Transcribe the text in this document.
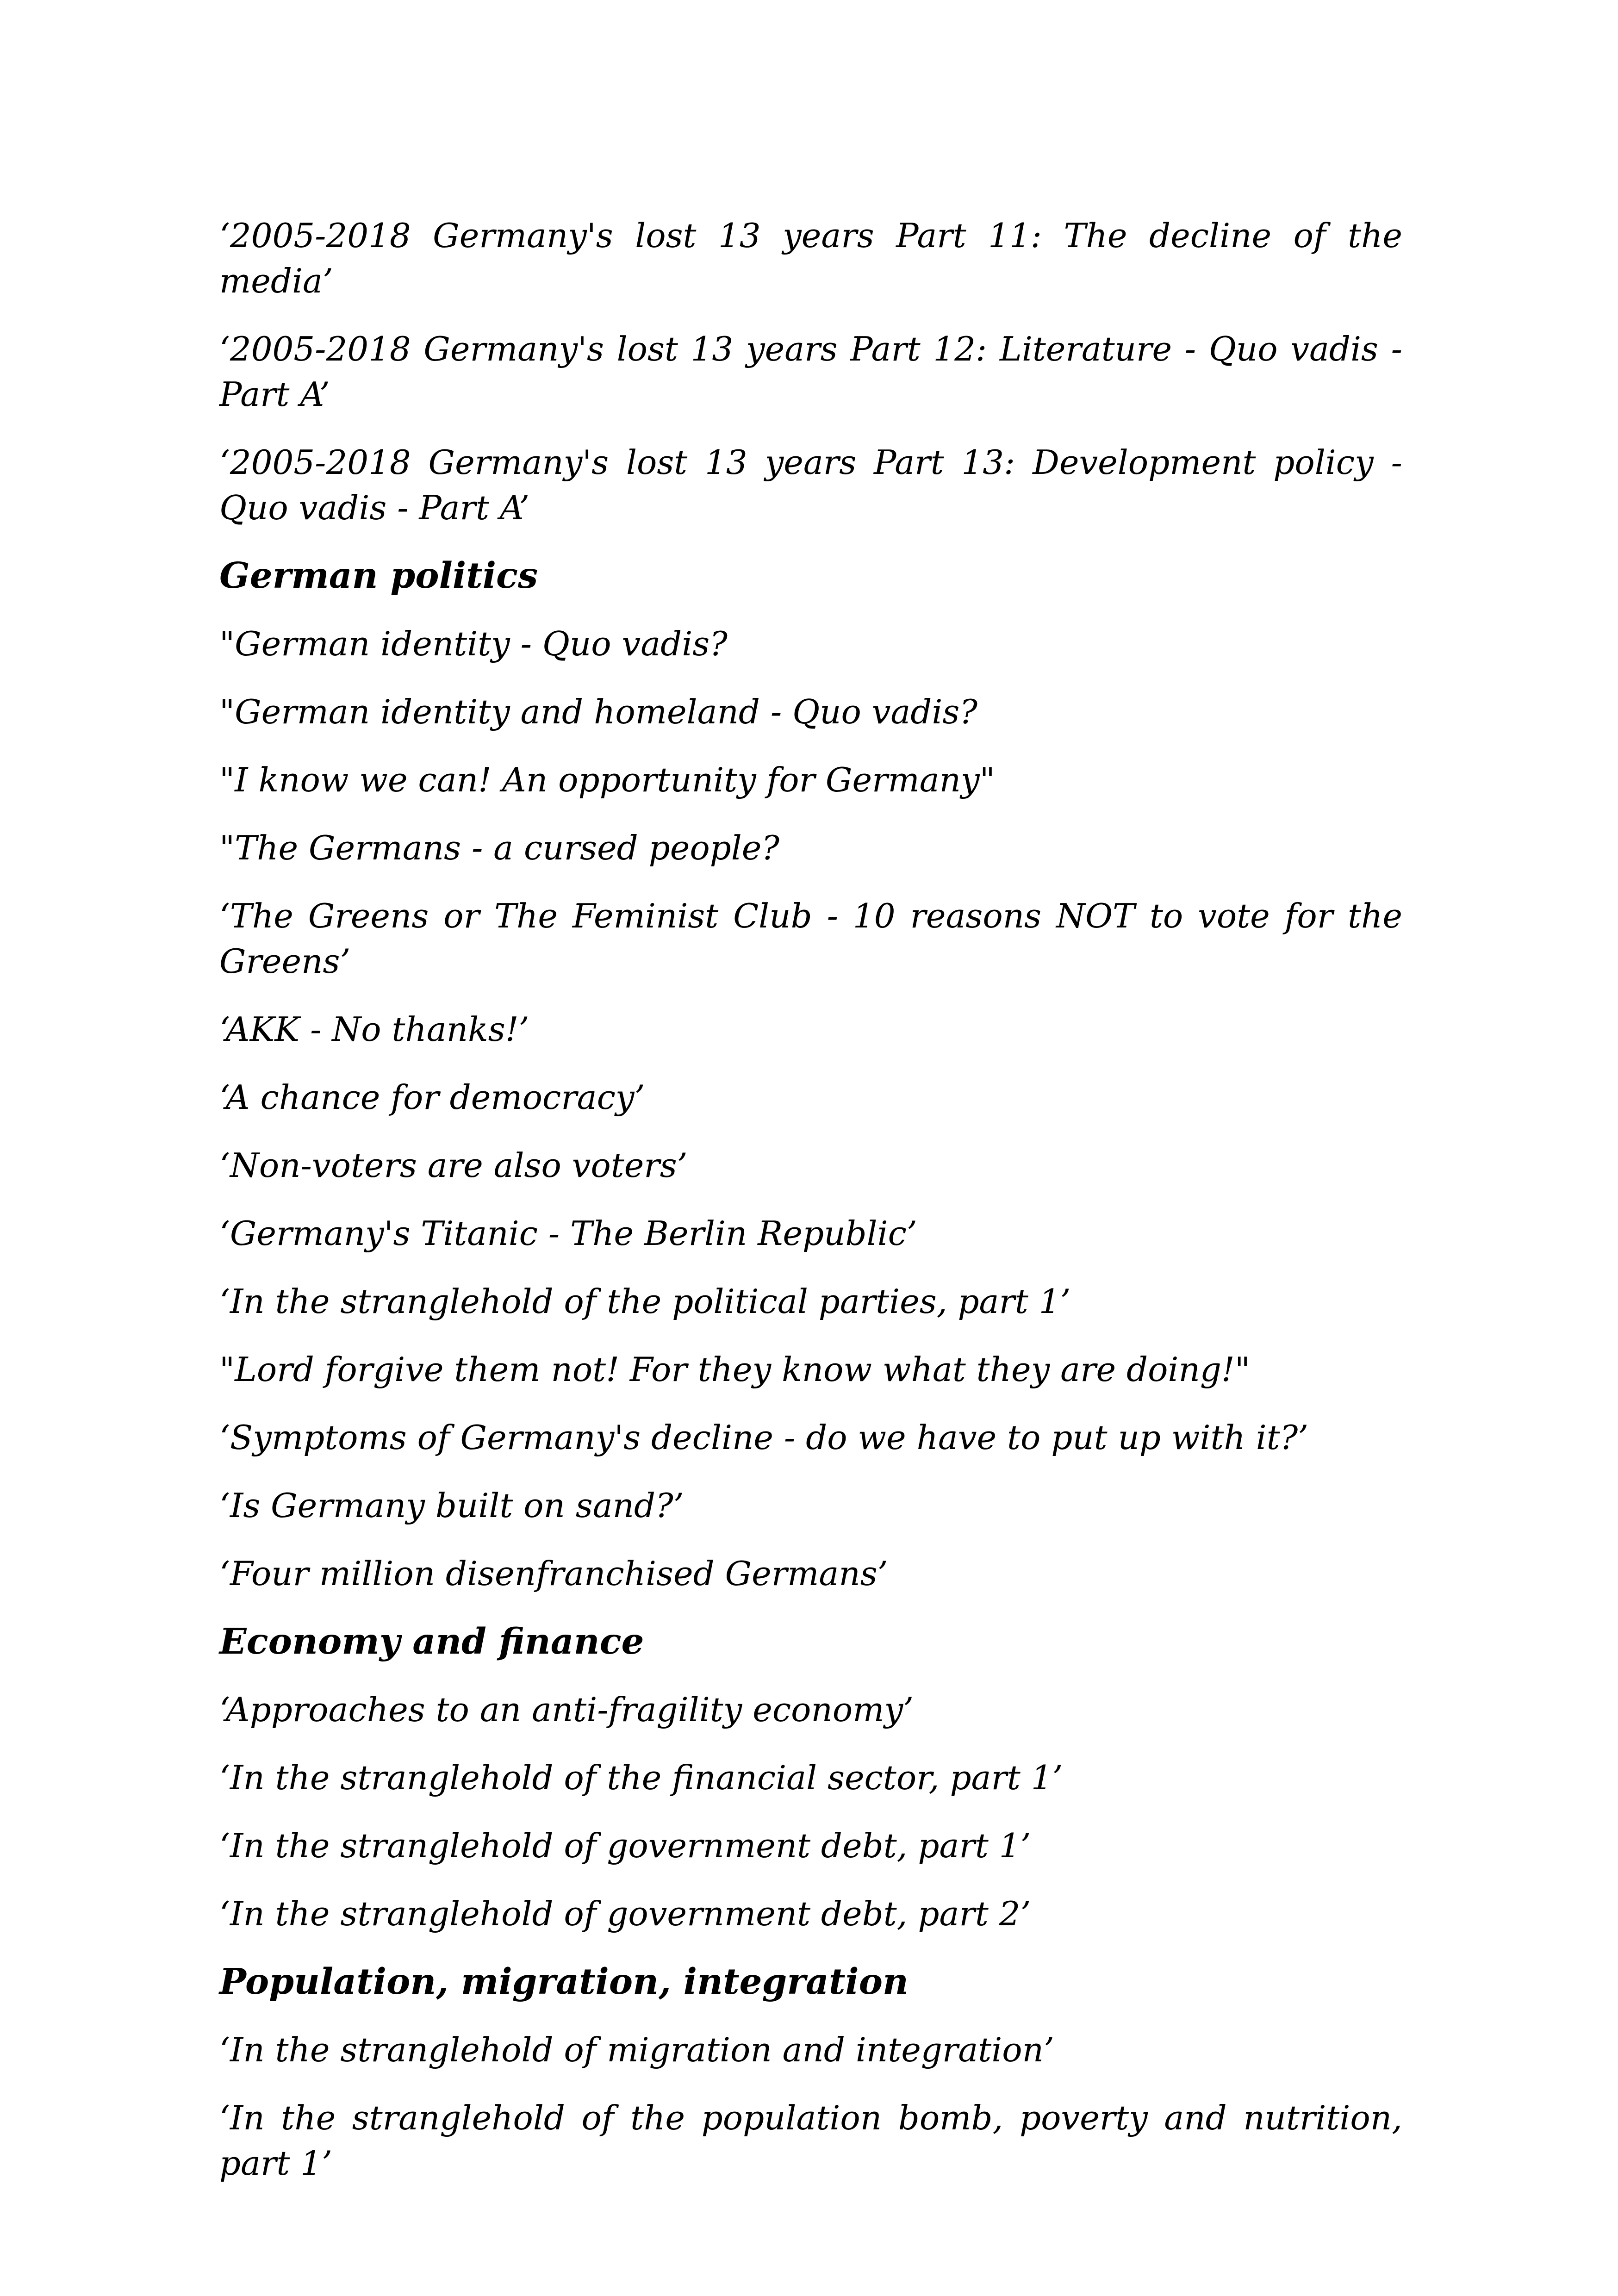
‘2005-2018 Germany's lost 13 years Part 11: The decline of the media’

‘2005-2018 Germany's lost 13 years Part 12: Literature - Quo vadis - Part A’

‘2005-2018 Germany's lost 13 years Part 13: Development policy - Quo vadis - Part A’

German politics

"German identity - Quo vadis?

"German identity and homeland - Quo vadis?

"I know we can! An opportunity for Germany"

"The Germans - a cursed people?

‘The Greens or The Feminist Club - 10 reasons NOT to vote for the Greens’

‘AKK - No thanks!’

‘A chance for democracy’

‘Non-voters are also voters’

‘Germany's Titanic - The Berlin Republic’

‘In the stranglehold of the political parties, part 1’

"Lord forgive them not! For they know what they are doing!"

‘Symptoms of Germany's decline - do we have to put up with it?’

‘Is Germany built on sand?’

‘Four million disenfranchised Germans’

Economy and finance

‘Approaches to an anti-fragility economy’

‘In the stranglehold of the financial sector, part 1’

‘In the stranglehold of government debt, part 1’

‘In the stranglehold of government debt, part 2’

Population, migration, integration

‘In the stranglehold of migration and integration’

‘In the stranglehold of the population bomb, poverty and nutrition, part 1’
